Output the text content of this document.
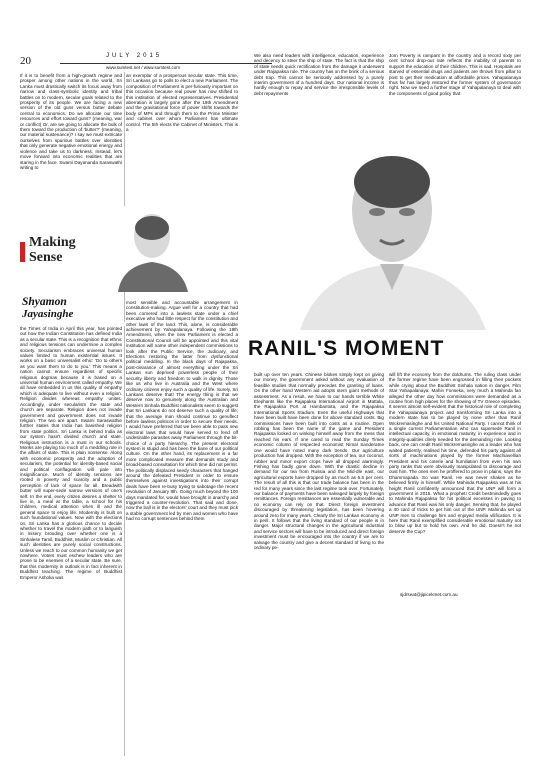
20	JULY 2015
www.sumtest.net / www.sumtest.com
If it is to benefit from a high-growth regime and prosper among other nations in the world, Sri Lanka must drastically switch its focus away from narrow and class-symbolic identity and tribal battles on to modern, secular goals related to the prosperity of its people. We are facing a new version of the old guns versus butter debate central to economics. Do we allocate our time resources and effort toward guns? (meaning, war or conflict) Or, are we going to allocate the bulk of them toward the production of 'butter?' (meaning, our material sustenance)? I say we must extricate ourselves from spurious battles over identities that only generate negative emotional energy and violence and take us to darkness. Instead, let's move forward into economic realities that are staring in the face. Swami Dayananda Saraswathi writing to
an exemplar of a prosperous secular state. This time, Sri Lankans go to polls to elect a new Parliament. The composition of Parliament is per-furiously important on this occasion because real power has now shifted to this institution of elected representatives. Presidential aberration is largely gone after the 19th Amendment and the gravitational force of power shifts towards the body of MPs and through them to the Prime Minister and cabinet over whom Parliament has ultimate control. The 5th elects the Cabinet of Ministers. This is a
Making
Sense
Shyamon
Jayasinghe
the Times of India in April this year, has pointed out how the Indian Constitution has defined India as a secular state. This is a recognition that ethnic and religious tensions can undermine a complex society. Secularism embraces universal human values limited to human existential issues. It works on a basic universalist ethic: 'Do to others as you want them to do to you.' This means a nation cannot ensure regardless of specific religious dogmas because it is based on a universal human environment called empathy. We all have embedded in us this quality of empathy which is adequate to live without even a religion. Religion divides whereas empathy unites. Accordingly, under secularism the state and church are separate. Religion does not invade government and government does not invade religion. The two are apart. Swami Saraswathie further states that India has banished religion from state politics. Sri Lanka is behind India as our system hasn't divided church and state. Religious instruction is a must in our schools. Monks are playing too much of a meddling role in the affairs of state. This is plain nonsense. Along with economic prosperity and the adoption of secularism, the potential for identity-based social and political conflagration will pale into insignificance. Much of identity tensions are rooted in poverty and scarcity and a public perception of lack of space for all. Breadwith butter will super-sede narrow versions of one's self. In the end, every citizen desires a shelter to live in, a meal at the table, a school for his children, medical attention when ill and the general space to enjoy life. Modernity is built on such foundational values. Now with the elections on, Sri Lanka has a glorious chance to decide whether to travel the modern path or to languish in misery brooding over whether one is a Sinhalese Tamil, Buddhist, Muslim or Christian. All such identities are purely social constructions. Unless we reach to our common humanity we get nowhere. Voters must eschew leaders who are prone to be enemies of a secular state. Be sure, that this modernity in outlook is in fact inherent in Buddhist teaching. The regime of Buddhist Emperor Ashoka was
most sensible and accountable arrangement in constitution-making. Argue well for a country that had been cornered into a lawless state under a chief executive who had little respect for the constitution and other laws of the land. This, alone, is considerable achievement by Yahapalanaya. Following the 19th Amendment, when the new Parliament is elected a Constitutional Council will be appointed and this vital institution will name other independent commissions to look after the Public Service, the Judiciary, and Elections restoring the latter from dysfunctional political meddling. In the black days of Rajapaksa, post-clearance of almost everything under the Sri Lankan sun deprived powerless people of their security liberty and freedom to walk in dignity. Those like us who live in Australia and the West where ordinary citizens enjoy such a quality of life. Surely, Sri Lankans deserve that! The energy thing is that we deserve now to genuinely along the Australian and Western Sinhala Buddhist nationalists seem to suggest that Sri Lankans do not deserve such a quality of life; that the average man should continue to genuflect before lawless politicos in order to secure their needs. I would have preferred that we been able to pass new electoral laws that would have served to fend off undesirable parasites away Parliament through the bit-choice of a party hierarchy. The present electoral system is stupid and has been the bane of our political culture. On the other hand, its replacement is a far more complicated measure that demands study and broad-based consultation for which time did not permit. The politically displaced seedy characters that hanged around the defeated President in order to ensure themselves against investigations into their corrupt deals have been re-busy trying to sabotage the recent revolution of January 8th. Going much beyond the 100 days mandated for, would have brought in anarchy and triggered a counter-revolution. That said and done, now the ball is in the electors' court and they must pick a stable government led by men and women who have had no corrupt sentences behind them
We also need leaders with intelligence, education, experience and decency to steer the ship of state. The fact is that the ship of state needs quick rectification from the damage it underwent under Rajapaksa rule. The country has on the brink of a serious debt trap. This cannot be seriously addressed by a purely interim government of a hundred days. Our national income is hardly enough to repay and service the irresponsible levels of debt repayments
Jom Poverty is rampant in the country and a record sixty per cent school drop-out rate reflects the inability of parents to support the education of their children. This is sad. Hospitals are starved of essential drugs and patients are thrown from pillar to post to get their medication at affordable prices. Yahapalanaya thus far has largely restored the former system of governance right. Now we need a further stage of Yahapalanaya to deal with the components of good policy that
RANIL'S MOMENT
built up over ten years. Chinese blokes simply kept on giving our money, the government asked without any evaluation of feasible studies that normally precedes the granting of loans. On the other hand Western aid adopts stern giant methods of assessment. As a result, we have to our hands terrible White Elephants like the Rajapaksa International Airport in Mattala, the Rajapaksa Port at Hambantota, and the Rajapaksa International Sports Stadium. Even the useful Highways that have been built have been done for above standard costs. Big commissions have been built into costs as a routine. Open robbing has been the name of the game and President Rajapaksa looked on winking himself away from the mess that reached his ears. If one cared to read the Sunday Times economic column of respected economist Nimal Sanderatne one would have noted many dark trends. Our agriculture production has dropped. With the exception of tea, our coconut, rubber and minor export crops have all dropped alarmingly. Fishing has badly gone down. With the drastic decline in demand for our tea from Russia and the Mid-dle east, our agricultural exports have dropped by as much as 6.5 per cent. The result of all this is that our trade balance has been in the red for many years since the last regime took over. Fortunately, our balance of payments have been salvaged largely by foreign remittances. Foreign remittances are essentially vulnerable and no economy can rely on that. Direct foreign investment discouraged by threatening legislation, has been hovering around zero for many years. Clearly the Sri Lankan economy is in peril. It follows that the living standard of our people is in danger. Major structural changes in the agricultural industrial and service sectors will have to be introduced and direct foreign investment must be encouraged into the country if we are to salvage the country and give a decent standard of living to the ordinary pe-
will lift the economy from the doldrums. The ruling class under the former regime have been engrossed in filling their pockets while crying about the Buddhist Sinhala nation in danger. Film Star Yahapalanaya: Mahin Fonseka, very much a Mahinda fan alleged the other day how commissions were demanded as a routine from high places for the showing of TV Greece episodes. It seems almost self-evident that the historical role of completing the Yahapalanaya project and transforming Sri Lanka into a modern state has to be played by none other than Ranil Wickremasinghe and his United National Party. I cannot think of a single current Parliamentarian who can supersede Ranil in intellectual capacity, in emotional maturity, in experience and in integrity-qualities direly needed for the demanding role. Looking back, one can credit Ranil Wickremasinghe as a leader who has waited patiently, realised his time, defended his party against all sorts of machinations played by the former Machiavellian President and his coterie and humiliation from even his own party ranks that were obviously manipulated to discourage and oust him. The ones men he proffered to prove in plains, says the Dhammapada. So was Ranil. He was never shaken as he believed firmly in himself. While Mahinda Rajapaksa was at his height Ranil confidently announced that the UNP will form a government in 2015. What a prophet! Credit bestmindedly goes to Mahinda Rajapaksa for his political excesses in paving to advance that Ranil was his only danger. Sensing that, he played a 40 card of tricks to get him out of the UNP. Mahinda set up UNP men to challenge him and enjoyed media vilification. It is here that Ranil exemplified considerable emotional maturity not to blow up but to hold his own. And he did. Doesn't he not deserve the Cup?
sjdrseat@jipicekmet.com.au
